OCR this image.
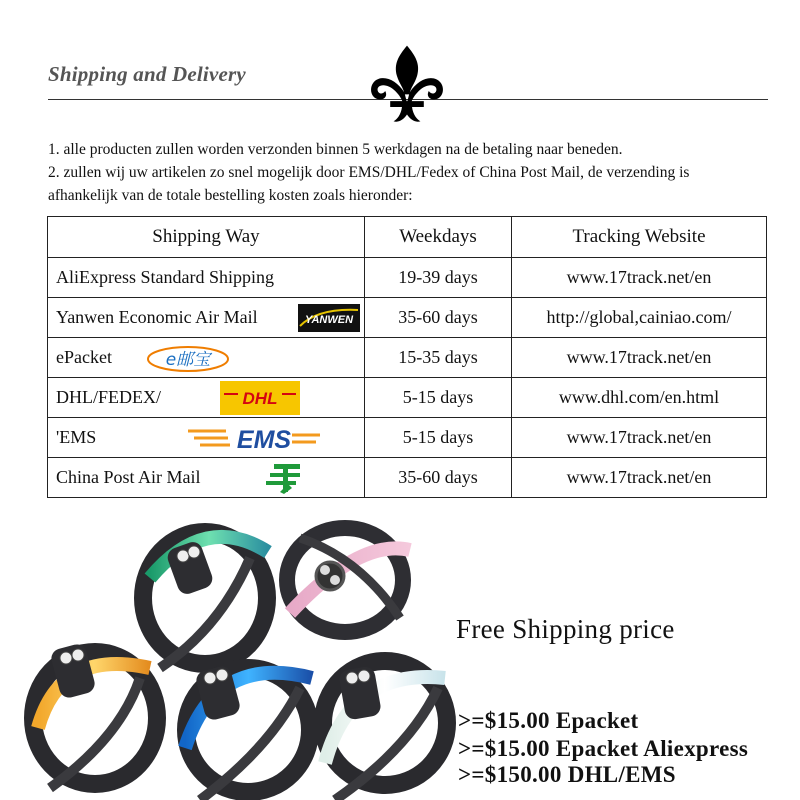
Shipping and Delivery

1. alle producten zullen worden verzonden binnen 5 werkdagen na de betaling naar beneden.

2. zullen wij uw artikelen zo snel mogelijk door EMS/DHL/Fedex of China Post Mail, de verzending is

afhankelijk van de totale bestelling kosten zoals hieronder:

Shipping Way	Weekdays	Tracking Website
AliExpress Standard Shipping	19-39 days	www.17track.net/en
Yanwen Economic Air Mail YANWEN	35-60 days	http://global,cainiao.com/
ePacket e邮宝	15-35 days	www.17track.net/en
DHL/FEDEX/ DHL	5-15 days	www.dhl.com/en.html
'EMS EMS	5-15 days	www.17track.net/en
China Post Air Mail	35-60 days	www.17track.net/en
Free Shipping price
>=$15.00 Epacket
>=$15.00 Epacket Aliexpress
>=$150.00 DHL/EMS
